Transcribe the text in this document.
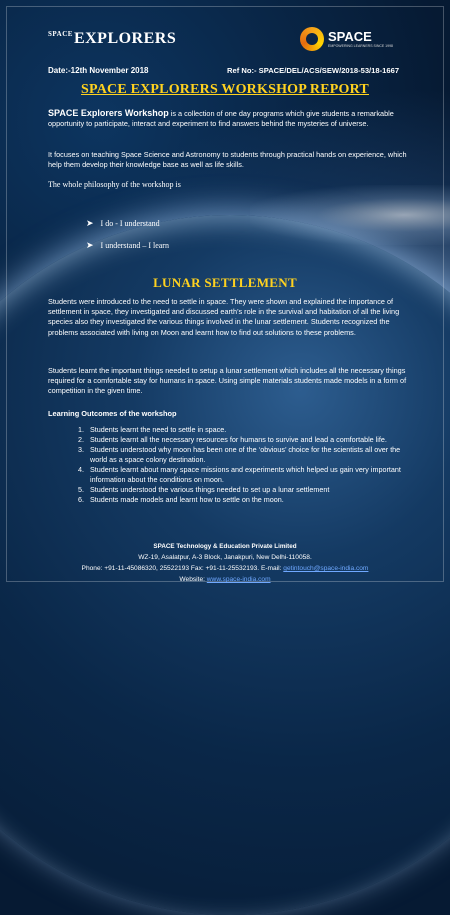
$^{SPACE}$EXPLORERS	SPACE
EMPOWERING LEARNERS SINCE 1998
Date:-12th November 2018	Ref No:- SPACE/DEL/ACS/SEW/2018-53/18-1667
SPACE EXPLORERS WORKSHOP REPORT
SPACE Explorers Workshop is a collection of one day programs which give students a remarkable opportunity to participate, interact and experiment to find answers behind the mysteries of universe.
It focuses on teaching Space Science and Astronomy to students through practical hands on experience, which help them develop their knowledge base as well as life skills.
The whole philosophy of the workshop is
➤ I do - I understand
➤ I understand – I learn
LUNAR SETTLEMENT
Students were introduced to the need to settle in space. They were shown and explained the importance of settlement in space, they investigated and discussed earth’s role in the survival and habitation of all the living species also they investigated the various things involved in the lunar settlement. Students recognized the problems associated with living on Moon and learnt how to find out solutions to these problems.
Students learnt the important things needed to setup a lunar settlement which includes all the necessary things required for a comfortable stay for humans in space. Using simple materials students made models in a form of competition in the given time.
Learning Outcomes of the workshop
1. Students learnt the need to settle in space.
2. Students learnt all the necessary resources for humans to survive and lead a comfortable life.
3. Students understood why moon has been one of the ‘obvious’ choice for the scientists all over the world as a space colony destination.
4. Students learnt about many space missions and experiments which helped us gain very important information about the conditions on moon.
5. Students understood the various things needed to set up a lunar settlement
6. Students made models and learnt how to settle on the moon.
SPACE Technology & Education Private Limited
WZ-19, Asalatpur, A-3 Block, Janakpuri, New Delhi-110058.
Phone: +91-11-45086320, 25522193 Fax: +91-11-25532193. E-mail: getintouch@space-india.com
Website: www.space-india.com
